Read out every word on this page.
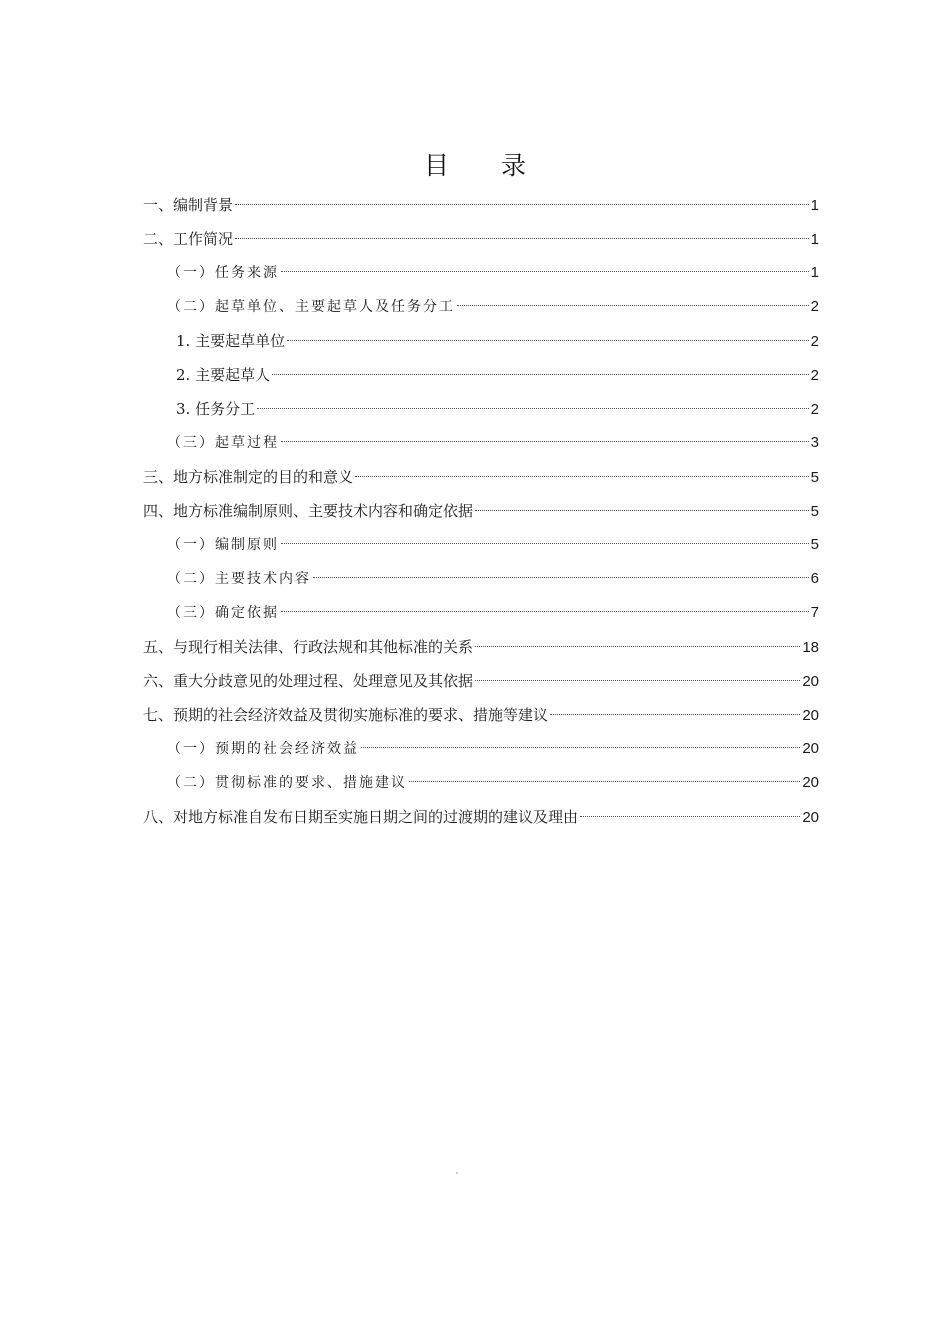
目 录
一、编制背景	1
二、工作简况	1
（一）任务来源	1
（二）起草单位、主要起草人及任务分工	2
1. 主要起草单位	2
2. 主要起草人	2
3. 任务分工	2
（三）起草过程	3
三、地方标准制定的目的和意义	5
四、地方标准编制原则、主要技术内容和确定依据	5
（一）编制原则	5
（二）主要技术内容	6
（三）确定依据	7
五、与现行相关法律、行政法规和其他标准的关系	18
六、重大分歧意见的处理过程、处理意见及其依据	20
七、预期的社会经济效益及贯彻实施标准的要求、措施等建议	20
（一）预期的社会经济效益	20
（二）贯彻标准的要求、措施建议	20
八、对地方标准自发布日期至实施日期之间的过渡期的建议及理由	20
